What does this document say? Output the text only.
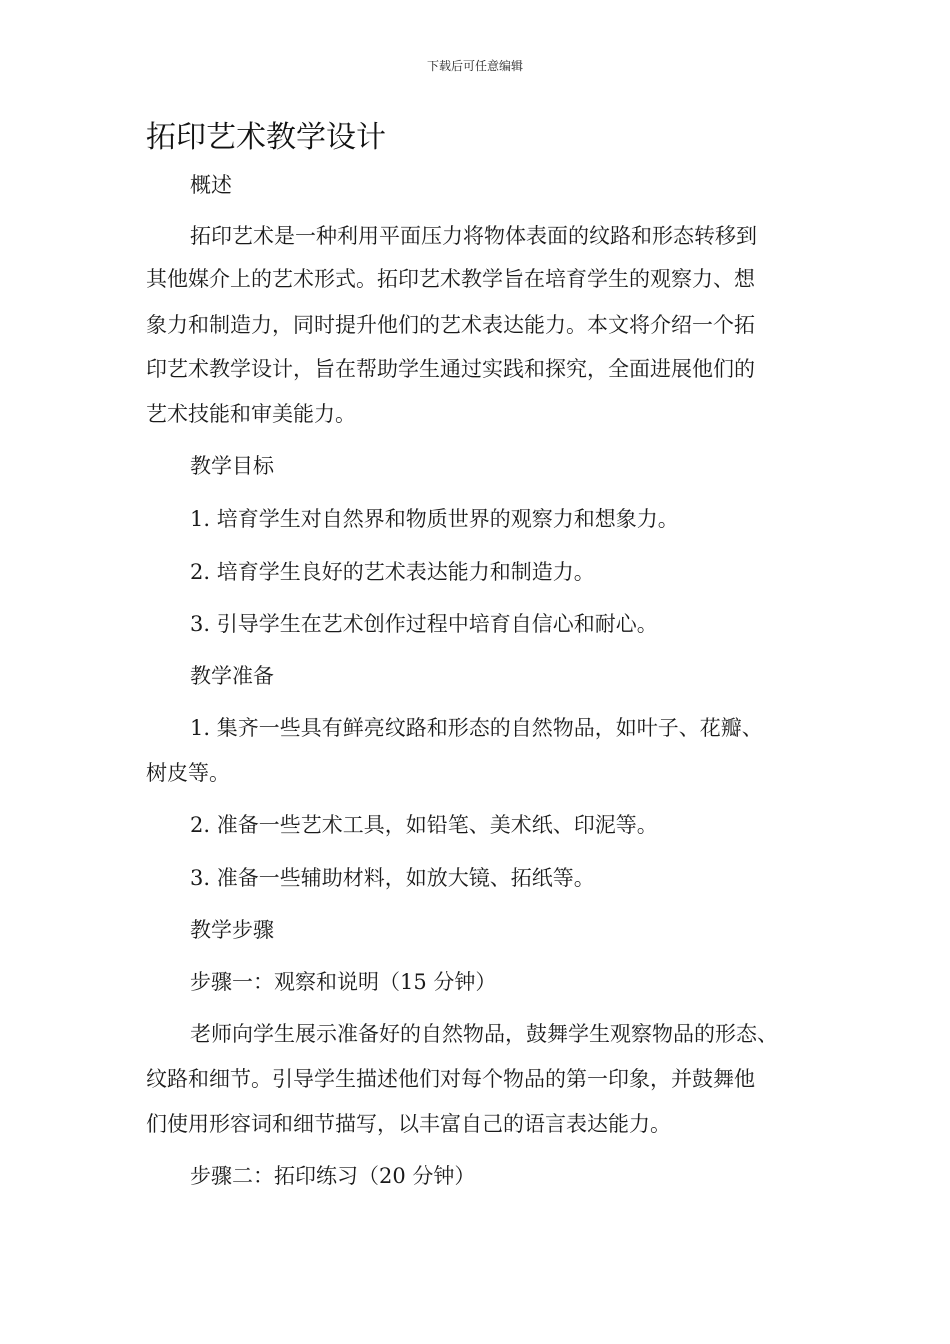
下载后可任意编辑
拓印艺术教学设计
概述
拓印艺术是一种利用平面压力将物体表面的纹路和形态转移到
其他媒介上的艺术形式。拓印艺术教学旨在培育学生的观察力、想
象力和制造力，同时提升他们的艺术表达能力。本文将介绍一个拓
印艺术教学设计，旨在帮助学生通过实践和探究，全面进展他们的
艺术技能和审美能力。
教学目标
1. 培育学生对自然界和物质世界的观察力和想象力。
2. 培育学生良好的艺术表达能力和制造力。
3. 引导学生在艺术创作过程中培育自信心和耐心。
教学准备
1. 集齐一些具有鲜亮纹路和形态的自然物品，如叶子、花瓣、
树皮等。
2. 准备一些艺术工具，如铅笔、美术纸、印泥等。
3. 准备一些辅助材料，如放大镜、拓纸等。
教学步骤
步骤一：观察和说明（15 分钟）
老师向学生展示准备好的自然物品，鼓舞学生观察物品的形态、
纹路和细节。引导学生描述他们对每个物品的第一印象，并鼓舞他
们使用形容词和细节描写，以丰富自己的语言表达能力。
步骤二：拓印练习（20 分钟）
